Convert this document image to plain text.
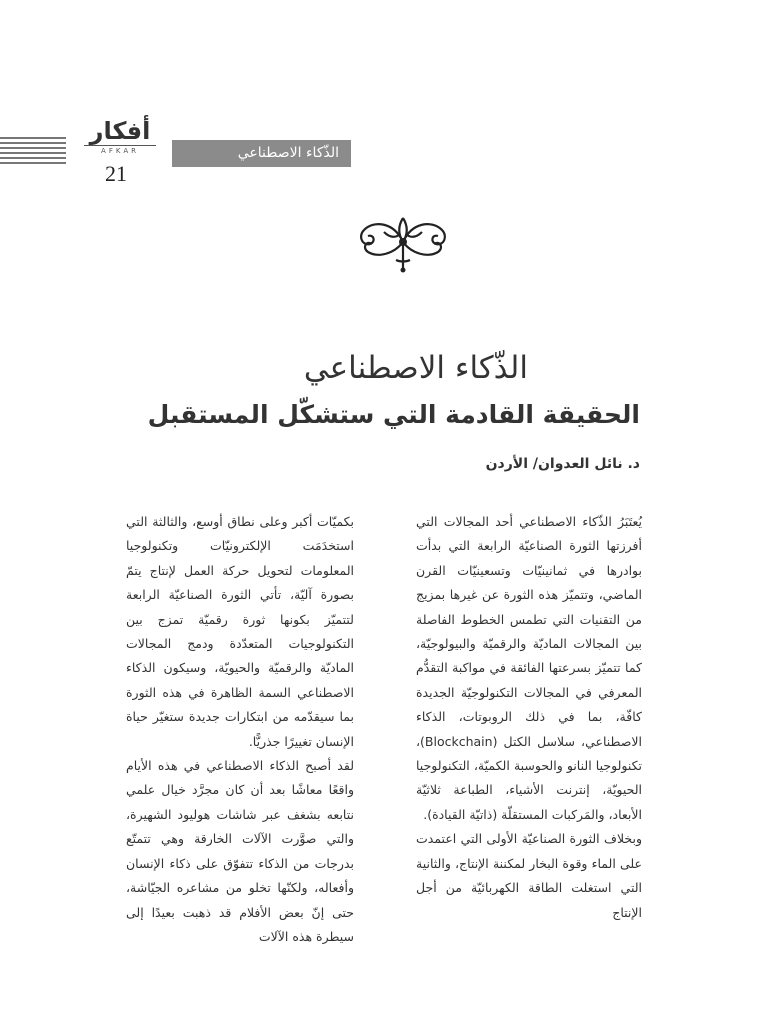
أفكار
AFKAR
21
الذّكاء الاصطناعي
الذّكاء الاصطناعي
الحقيقة القادمة التي ستشكّل المستقبل
د. نائل العدوان/ الأردن

يُعتَبَرُ الذّكاء الاصطناعي أحد المجالات التي أفرزتها الثورة الصناعيّة الرابعة التي بدأت بوادرها في ثمانينيّات وتسعينيّات القرن الماضي، وتتميّز هذه الثورة عن غيرها بمزيج من التقنيات التي تطمس الخطوط الفاصلة بين المجالات الماديّة والرقميّة والبيولوجيّة، كما تتميّز بسرعتها الفائقة في مواكبة التقدُّم المعرفي في المجالات التكنولوجيّة الجديدة كافّة، بما في ذلك الروبوتات، الذكاء الاصطناعي، سلاسل الكتل (Blockchain)، تكنولوجيا النانو والحوسبة الكميّة، التكنولوجيا الحيويّة، إنترنت الأشياء، الطباعة ثلاثيّة الأبعاد، والمَركبات المستقلّة (ذاتيّة القيادة).

وبخلاف الثورة الصناعيّة الأولى التي اعتمدت على الماء وقوة البخار لمكننة الإنتاج، والثانية التي استغلت الطاقة الكهربائيّة من أجل الإنتاج

بكميّات أكبر وعلى نطاق أوسع، والثالثة التي استخدَمَت الإلكترونيّات وتكنولوجيا المعلومات لتحويل حركة العمل لإنتاج يتمّ بصورة آليّة، تأتي الثورة الصناعيّة الرابعة لتتميّز بكونها ثورة رقميّة تمزج بين التكنولوجيات المتعدّدة ودمج المجالات الماديّة والرقميّة والحيويّة، وسيكون الذكاء الاصطناعي السمة الظاهرة في هذه الثورة بما سيقدّمه من ابتكارات جديدة ستغيّر حياة الإنسان تغييرًا جذريًّا.

لقد أصبح الذكاء الاصطناعي في هذه الأيام واقعًا معاشًا بعد أن كان مجرَّد خيال علمي نتابعه بشغف عبر شاشات هوليود الشهيرة، والتي صوَّرت الآلات الخارقة وهي تتمتّع بدرجات من الذكاء تتفوّق على ذكاء الإنسان وأفعاله، ولكنّها تخلو من مشاعره الجيّاشة، حتى إنّ بعض الأفلام قد ذهبت بعيدًا إلى سيطرة هذه الآلات
